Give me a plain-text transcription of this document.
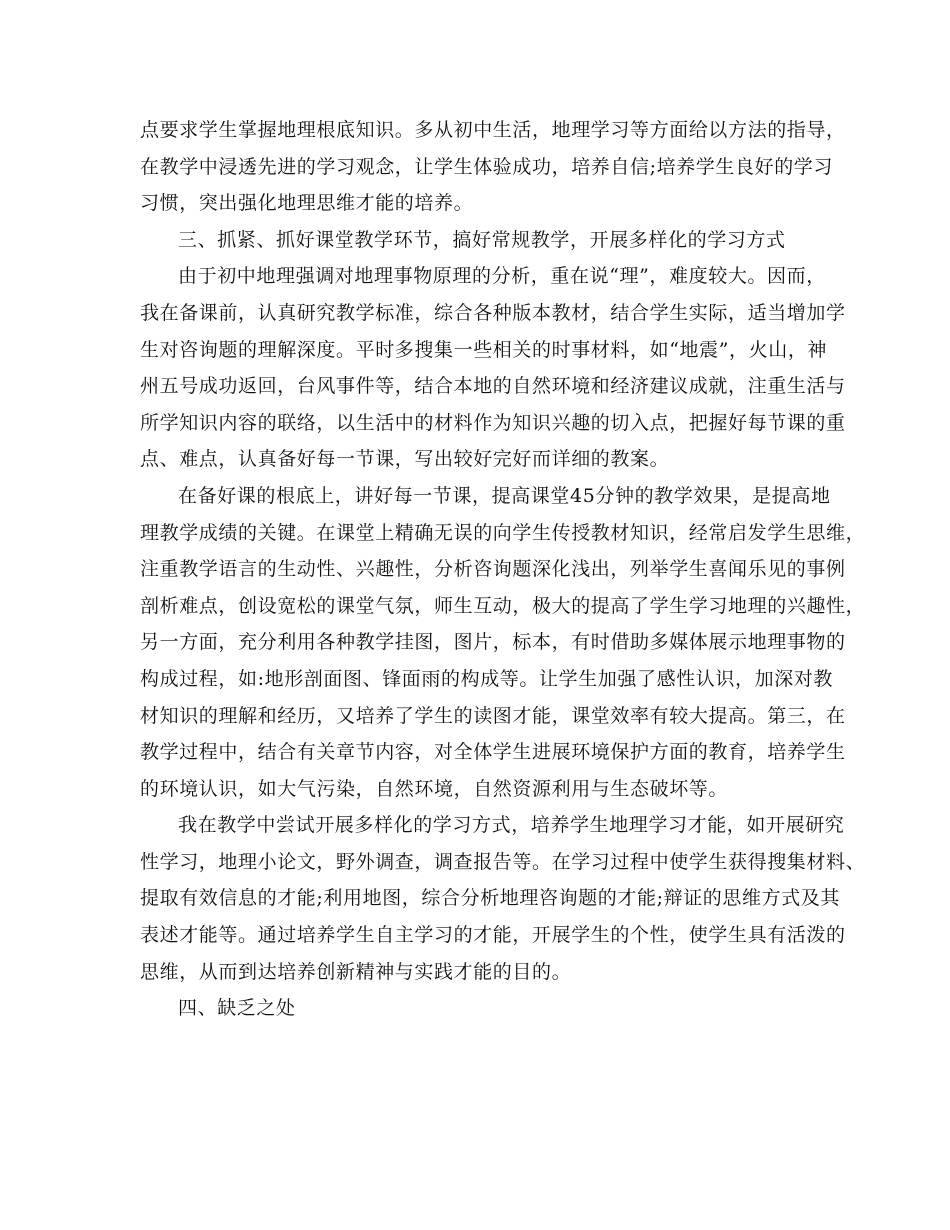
点要求学生掌握地理根底知识。多从初中生活，地理学习等方面给以方法的指导，
在教学中浸透先进的学习观念，让学生体验成功，培养自信;培养学生良好的学习
习惯，突出强化地理思维才能的培养。
三、抓紧、抓好课堂教学环节，搞好常规教学，开展多样化的学习方式
由于初中地理强调对地理事物原理的分析，重在说“理”，难度较大。因而，
我在备课前，认真研究教学标准，综合各种版本教材，结合学生实际，适当增加学
生对咨询题的理解深度。平时多搜集一些相关的时事材料，如“地震”，火山，神
州五号成功返回，台风事件等，结合本地的自然环境和经济建议成就，注重生活与
所学知识内容的联络，以生活中的材料作为知识兴趣的切入点，把握好每节课的重
点、难点，认真备好每一节课，写出较好完好而详细的教案。
在备好课的根底上，讲好每一节课，提高课堂45分钟的教学效果，是提高地
理教学成绩的关键。在课堂上精确无误的向学生传授教材知识，经常启发学生思维，
注重教学语言的生动性、兴趣性，分析咨询题深化浅出，列举学生喜闻乐见的事例
剖析难点，创设宽松的课堂气氛，师生互动，极大的提高了学生学习地理的兴趣性，
另一方面，充分利用各种教学挂图，图片，标本，有时借助多媒体展示地理事物的
构成过程，如:地形剖面图、锋面雨的构成等。让学生加强了感性认识，加深对教
材知识的理解和经历，又培养了学生的读图才能，课堂效率有较大提高。第三，在
教学过程中，结合有关章节内容，对全体学生进展环境保护方面的教育，培养学生
的环境认识，如大气污染，自然环境，自然资源利用与生态破坏等。
我在教学中尝试开展多样化的学习方式，培养学生地理学习才能，如开展研究
性学习，地理小论文，野外调查，调查报告等。在学习过程中使学生获得搜集材料、
提取有效信息的才能;利用地图，综合分析地理咨询题的才能;辩证的思维方式及其
表述才能等。通过培养学生自主学习的才能，开展学生的个性，使学生具有活泼的
思维，从而到达培养创新精神与实践才能的目的。
四、缺乏之处
